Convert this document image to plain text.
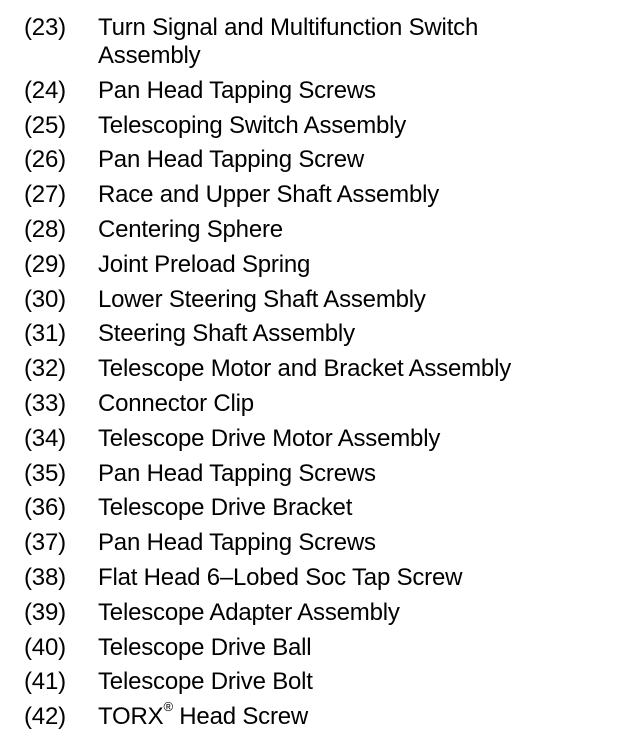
(23) Turn Signal and Multifunction Switch Assembly
(24) Pan Head Tapping Screws
(25) Telescoping Switch Assembly
(26) Pan Head Tapping Screw
(27) Race and Upper Shaft Assembly
(28) Centering Sphere
(29) Joint Preload Spring
(30) Lower Steering Shaft Assembly
(31) Steering Shaft Assembly
(32) Telescope Motor and Bracket Assembly
(33) Connector Clip
(34) Telescope Drive Motor Assembly
(35) Pan Head Tapping Screws
(36) Telescope Drive Bracket
(37) Pan Head Tapping Screws
(38) Flat Head 6–Lobed Soc Tap Screw
(39) Telescope Adapter Assembly
(40) Telescope Drive Ball
(41) Telescope Drive Bolt
(42) TORX® Head Screw
